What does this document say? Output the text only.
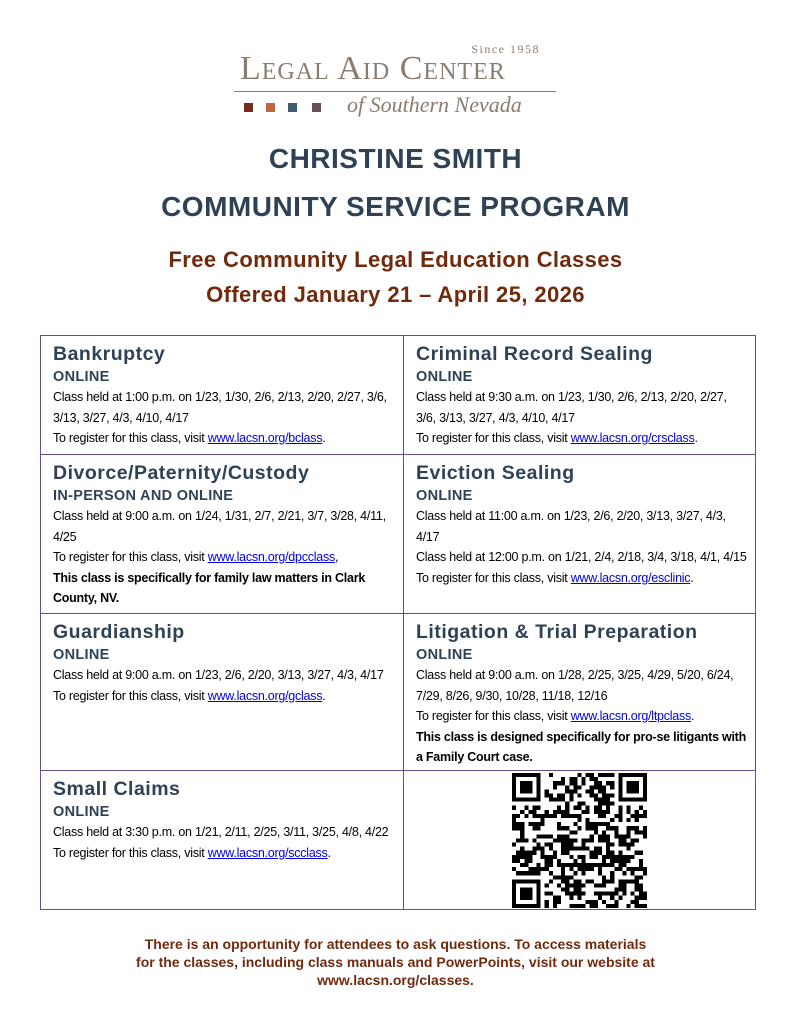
Since 1958
Legal Aid Center
of Southern Nevada
CHRISTINE SMITH
COMMUNITY SERVICE PROGRAM
Free Community Legal Education Classes
Offered January 21 – April 25, 2026
Bankruptcy
ONLINE

Class held at 1:00 p.m. on 1/23, 1/30, 2/6, 2/13, 2/20, 2/27, 3/6, 3/13, 3/27, 4/3, 4/10, 4/17

To register for this class, visit www.lacsn.org/bclass.

Criminal Record Sealing
ONLINE

Class held at 9:30 a.m. on 1/23, 1/30, 2/6, 2/13, 2/20, 2/27, 3/6, 3/13, 3/27, 4/3, 4/10, 4/17

To register for this class, visit www.lacsn.org/crsclass.

Divorce/Paternity/Custody
IN-PERSON AND ONLINE

Class held at 9:00 a.m. on 1/24, 1/31, 2/7, 2/21, 3/7, 3/28, 4/11, 4/25

To register for this class, visit www.lacsn.org/dpcclass,

This class is specifically for family law matters in Clark County, NV.

Eviction Sealing
ONLINE

Class held at 11:00 a.m. on 1/23, 2/6, 2/20, 3/13, 3/27, 4/3, 4/17

Class held at 12:00 p.m. on 1/21, 2/4, 2/18, 3/4, 3/18, 4/1, 4/15

To register for this class, visit www.lacsn.org/esclinic.

Guardianship
ONLINE

Class held at 9:00 a.m. on 1/23, 2/6, 2/20, 3/13, 3/27, 4/3, 4/17

To register for this class, visit www.lacsn.org/gclass.

Litigation & Trial Preparation
ONLINE

Class held at 9:00 a.m. on 1/28, 2/25, 3/25, 4/29, 5/20, 6/24, 7/29, 8/26, 9/30, 10/28, 11/18, 12/16

To register for this class, visit www.lacsn.org/ltpclass.

This class is designed specifically for pro-se litigants with a Family Court case.

Small Claims
ONLINE

Class held at 3:30 p.m. on 1/21, 2/11, 2/25, 3/11, 3/25, 4/8, 4/22

To register for this class, visit www.lacsn.org/scclass.

There is an opportunity for attendees to ask questions. To access materials
for the classes, including class manuals and PowerPoints, visit our website at
www.lacsn.org/classes.
